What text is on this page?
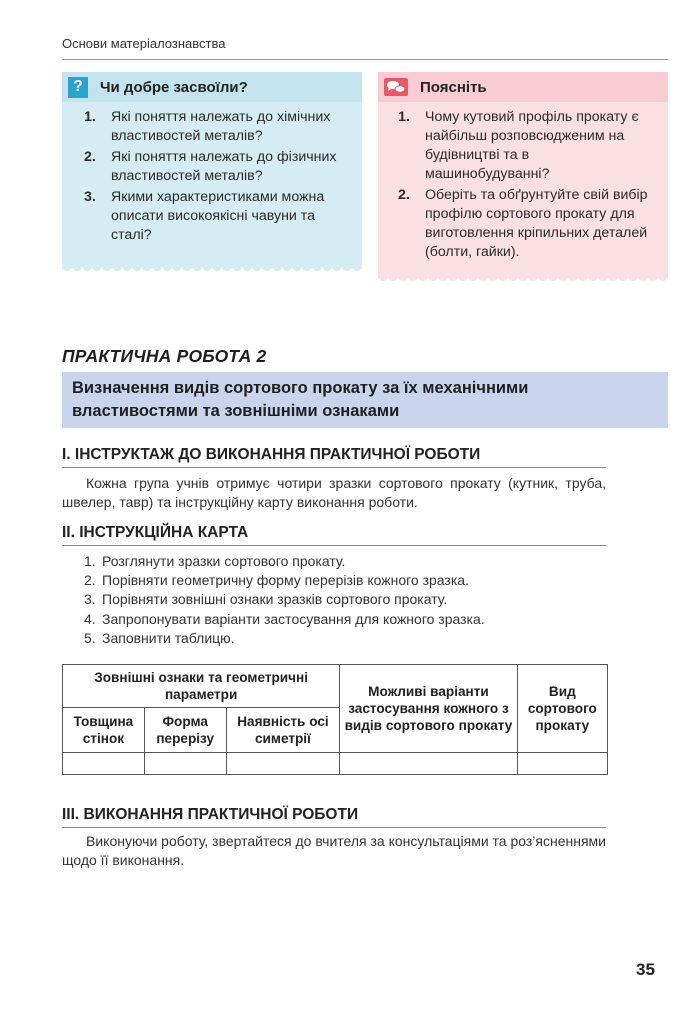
Основи матеріалознавства
?	Чи добре засвоїли?
1.	Які поняття належать до хімічних властивостей металів?
2.	Які поняття належать до фізичних властивостей металів?
3.	Якими характеристиками можна описати високоякісні чавуни та сталі?
Поясніть
1.	Чому кутовий профіль прокату є найбільш розповсюдженим на будівництві та в машинобудуванні?
2.	Оберіть та обґрунтуйте свій вибір профілю сортового прокату для виготовлення кріпильних деталей (болти, гайки).
ПРАКТИЧНА РОБОТА 2
Визначення видів сортового прокату за їх механічними властивостями та зовнішніми ознаками
І. ІНСТРУКТАЖ ДО ВИКОНАННЯ ПРАКТИЧНОЇ РОБОТИ
Кожна група учнів отримує чотири зразки сортового прокату (кутник, труба, швелер, тавр) та інструкційну карту виконання роботи.
ІІ. ІНСТРУКЦІЙНА КАРТА
1. Розглянути зразки сортового прокату.
2. Порівняти геометричну форму перерізів кожного зразка.
3. Порівняти зовнішні ознаки зразків сортового прокату.
4. Запропонувати варіанти застосування для кожного зразка.
5. Заповнити таблицю.
Зовнішні ознаки та геометричні параметри			Можливі варіанти застосування кожного з видів сортового прокату	Вид сортового прокату
Товщина стінок	Форма перерізу	Наявність осі симетрії		

ІІІ. ВИКОНАННЯ ПРАКТИЧНОЇ РОБОТИ
Виконуючи роботу, звертайтеся до вчителя за консультаціями та роз’ясненнями щодо її виконання.
35
